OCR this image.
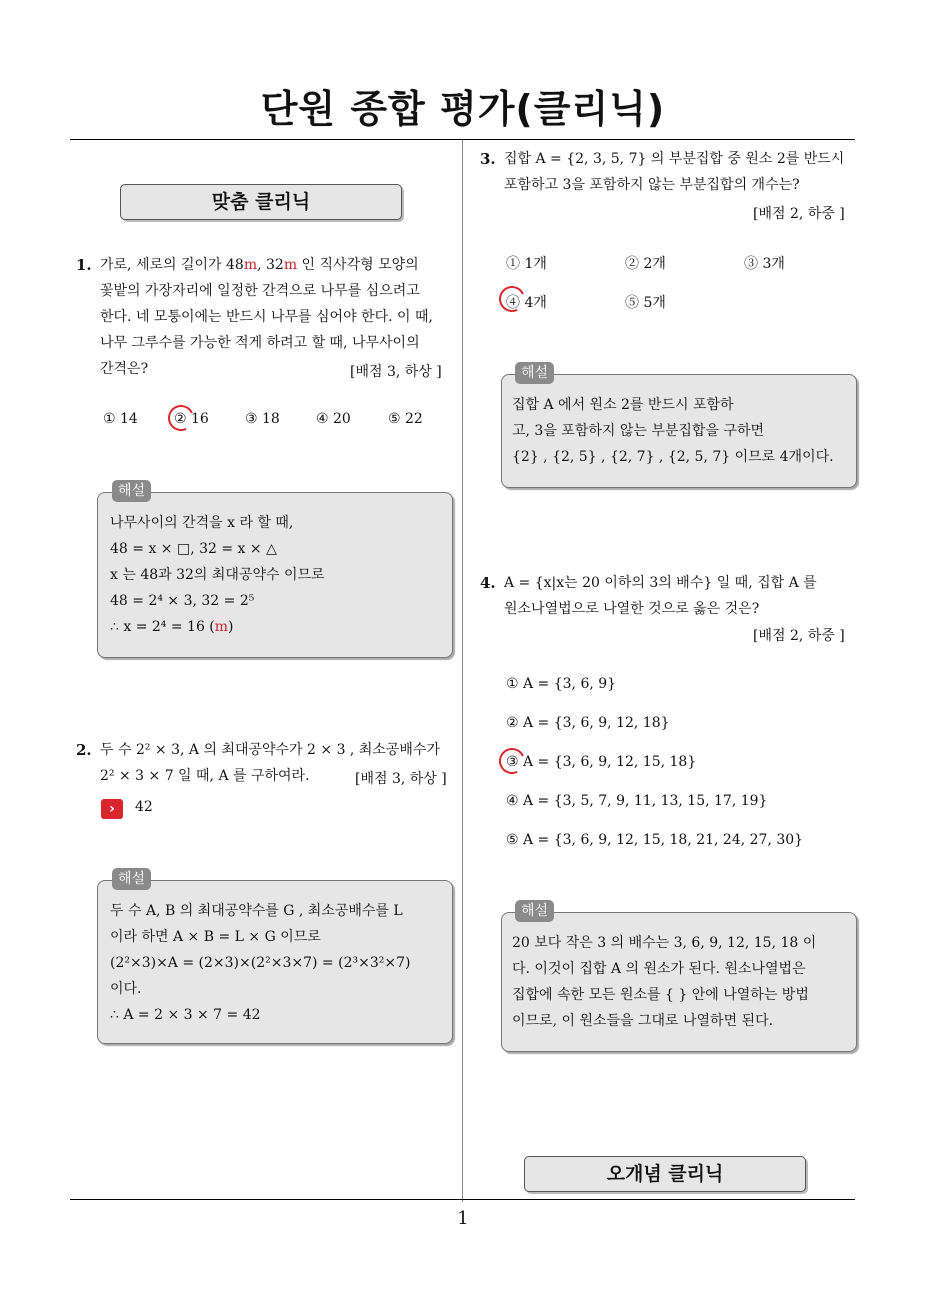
단원 종합 평가(클리닉)
맞춤 클리닉
1. 가로, 세로의 길이가 48m, 32m 인 직사각형 모양의
꽃밭의 가장자리에 일정한 간격으로 나무를 심으려고
한다. 네 모퉁이에는 반드시 나무를 심어야 한다. 이 때,
나무 그루수를 가능한 적게 하려고 할 때, 나무사이의
간격은?	[배점 3, 하상 ]
① 14	② 16	③ 18	④ 20	⑤ 22
해설
나무사이의 간격을 x 라 할 때,
48 = x × □, 32 = x × △
x 는 48과 32의 최대공약수 이므로
48 = 2⁴ × 3, 32 = 2⁵
∴ x = 2⁴ = 16 (m)
2. 두 수 2² × 3, A 의 최대공약수가 2 × 3 , 최소공배수가
2² × 3 × 7 일 때, A 를 구하여라.	[배점 3, 하상 ]
›	42
해설
두 수 A, B 의 최대공약수를 G , 최소공배수를 L
이라 하면 A × B = L × G 이므로
(2²×3)×A = (2×3)×(2²×3×7) = (2³×3²×7)
이다.
∴ A = 2 × 3 × 7 = 42
3. 집합 A = {2, 3, 5, 7} 의 부분집합 중 원소 2를 반드시
포함하고 3을 포함하지 않는 부분집합의 개수는?
[배점 2, 하중 ]
① 1개	② 2개	③ 3개
④ 4개	⑤ 5개
해설
집합 A 에서 원소 2를 반드시 포함하
고, 3을 포함하지 않는 부분집합을 구하면
{2} , {2, 5} , {2, 7} , {2, 5, 7} 이므로 4개이다.
4. A = {x|x는 20 이하의 3의 배수} 일 때, 집합 A 를
원소나열법으로 나열한 것으로 옳은 것은?
[배점 2, 하중 ]
① A = {3, 6, 9}
② A = {3, 6, 9, 12, 18}
③ A = {3, 6, 9, 12, 15, 18}
④ A = {3, 5, 7, 9, 11, 13, 15, 17, 19}
⑤ A = {3, 6, 9, 12, 15, 18, 21, 24, 27, 30}
해설
20 보다 작은 3 의 배수는 3, 6, 9, 12, 15, 18 이
다. 이것이 집합 A 의 원소가 된다. 원소나열법은
집합에 속한 모든 원소를 { } 안에 나열하는 방법
이므로, 이 원소들을 그대로 나열하면 된다.
오개념 클리닉
1
